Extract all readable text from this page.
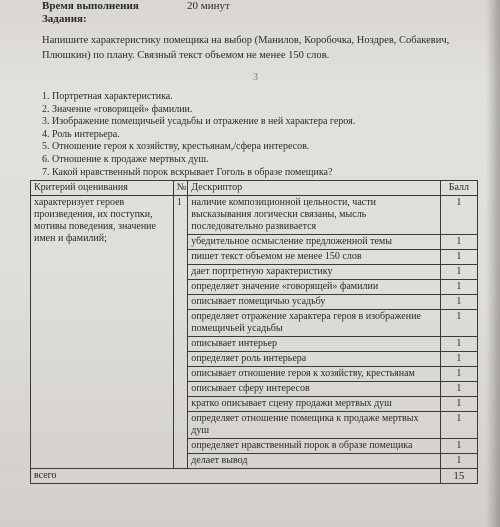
Время выполнения
Задания:
20 минут
Напишите характеристику помещика на выбор (Манилов, Коробочка, Ноздрев, Собакевич, Плюшкин) по плану. Связный текст объемом не менее 150 слов.
3
1. Портретная характеристика.
2. Значение «говорящей» фамилии.
3. Изображение помещичьей усадьбы и отражение в ней характера героя.
4. Роль интерьера.
5. Отношение героя к хозяйству, крестьянам,/сфера интересов.
6. Отношение к продаже мертвых душ.
7. Какой нравственный порок вскрывает Гоголь в образе помещика?
Критерий оценивания	№	Дескриптор	Балл
характеризует героев произведения, их поступки, мотивы поведения, значение имен и фамилий;	1	наличие композиционной цельности, части высказывания логически связаны, мысль последовательно развивается	1
		убедительное осмысление предложенной темы	1
		пишет текст объемом не менее 150 слов	1
		дает портретную характеристику	1
		определяет значение «говорящей» фамилии	1
		описывает помещичью усадьбу	1
		определяет отражение характера героя в изображение помещичьей усадьбы	1
		описывает интерьер	1
		определяет роль интерьера	1
		описывает отношение героя к хозяйству, крестьянам	1
		описывает сферу интересов	1
		кратко описывает сцену продажи мертвых душ	1
		определяет отношение помещика к продаже мертвых душ	1
		определяет нравственный порок в образе помещика	1
		делает вывод	1
всего			15
